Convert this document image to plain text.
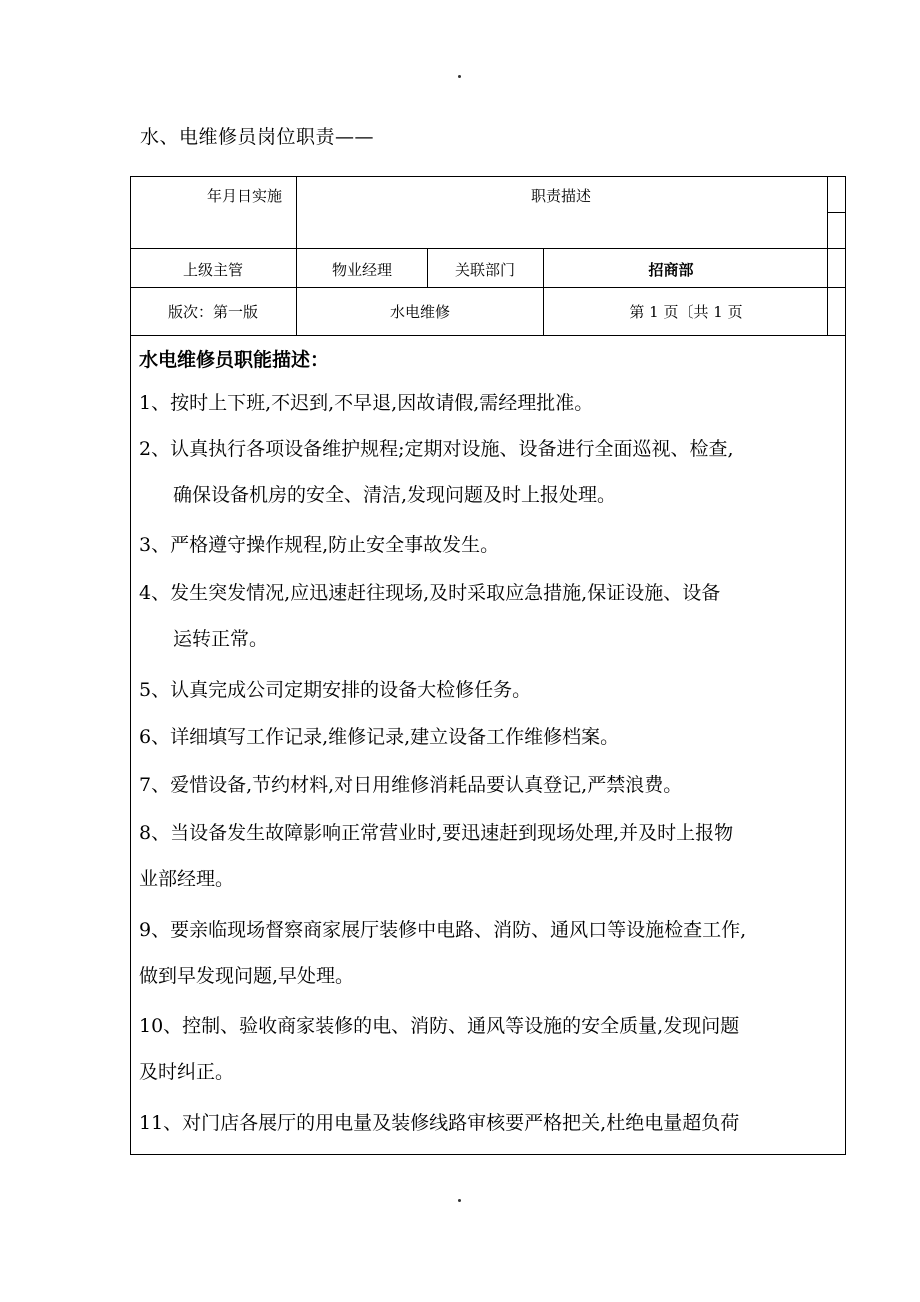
水、电维修员岗位职责——
年月日实施	职责描述
上级主管	物业经理	关联部门	招商部
版次：第一版	水电维修	第 1 页〔共 1 页
水电维修员职能描述：
1、按时上下班,不迟到,不早退,因故请假,需经理批准。
2、认真执行各项设备维护规程;定期对设施、设备进行全面巡视、检查,
确保设备机房的安全、清洁,发现问题及时上报处理。
3、严格遵守操作规程,防止安全事故发生。
4、发生突发情况,应迅速赶往现场,及时采取应急措施,保证设施、设备
运转正常。
5、认真完成公司定期安排的设备大检修任务。
6、详细填写工作记录,维修记录,建立设备工作维修档案。
7、爱惜设备,节约材料,对日用维修消耗品要认真登记,严禁浪费。
8、当设备发生故障影响正常营业时,要迅速赶到现场处理,并及时上报物
业部经理。
9、要亲临现场督察商家展厅装修中电路、消防、通风口等设施检查工作,
做到早发现问题,早处理。
10、控制、验收商家装修的电、消防、通风等设施的安全质量,发现问题
及时纠正。
11、对门店各展厅的用电量及装修线路审核要严格把关,杜绝电量超负荷
